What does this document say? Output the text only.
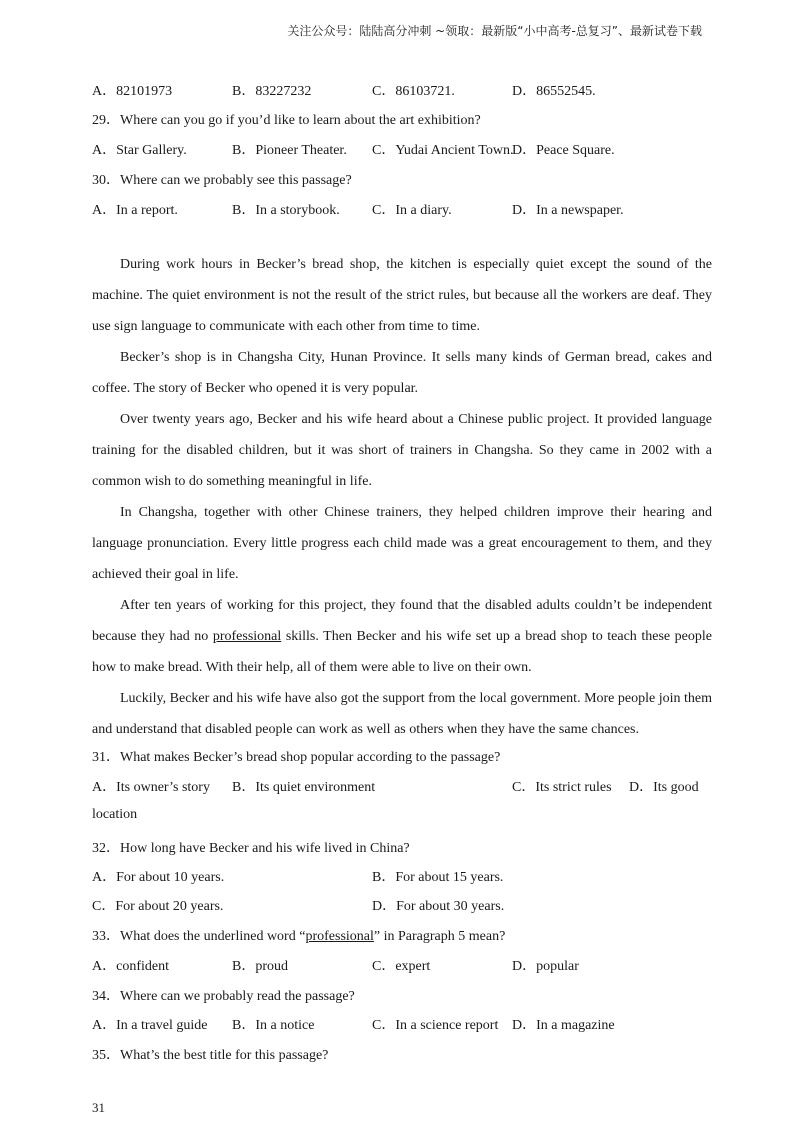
关注公众号：陆陆高分冲刺 ~领取：最新版“小中高考-总复习”、最新试卷下载
A．82101973	B．83227232	C．86103721.	D．86552545.
29．Where can you go if you’d like to learn about the art exhibition?
A．Star Gallery.	B．Pioneer Theater. C．Yudai Ancient Town.
D．Peace Square.
30．Where can we probably see this passage?
A．In a report.	B．In a storybook. C．In a diary.	D．In a newspaper.

During work hours in Becker’s bread shop, the kitchen is especially quiet except the sound of the machine. The quiet environment is not the result of the strict rules, but because all the workers are deaf. They use sign language to communicate with each other from time to time.

Becker’s shop is in Changsha City, Hunan Province. It sells many kinds of German bread, cakes and coffee. The story of Becker who opened it is very popular.

Over twenty years ago, Becker and his wife heard about a Chinese public project. It provided language training for the disabled children, but it was short of trainers in Changsha. So they came in 2002 with a common wish to do something meaningful in life.

In Changsha, together with other Chinese trainers, they helped children improve their hearing and language pronunciation. Every little progress each child made was a great encouragement to them, and they achieved their goal in life.

After ten years of working for this project, they found that the disabled adults couldn’t be independent because they had no professional skills. Then Becker and his wife set up a bread shop to teach these people how to make bread. With their help, all of them were able to live on their own.

Luckily, Becker and his wife have also got the support from the local government. More people join them and understand that disabled people can work as well as others when they have the same chances.

31．What makes Becker’s bread shop popular according to the passage?
A．Its owner’s story B．Its quiet environment	C．Its strict rules D．Its good
location
32．How long have Becker and his wife lived in China?
A．For about 10 years.	B．For about 15 years.
C．For about 20 years.	D．For about 30 years.
33．What does the underlined word “professional” in Paragraph 5 mean?
A．confident	B．proud	C．expert	D．popular
34．Where can we probably read the passage?
A．In a travel guide B．In a notice	C．In a science report D．In a magazine
35．What’s the best title for this passage?
31
